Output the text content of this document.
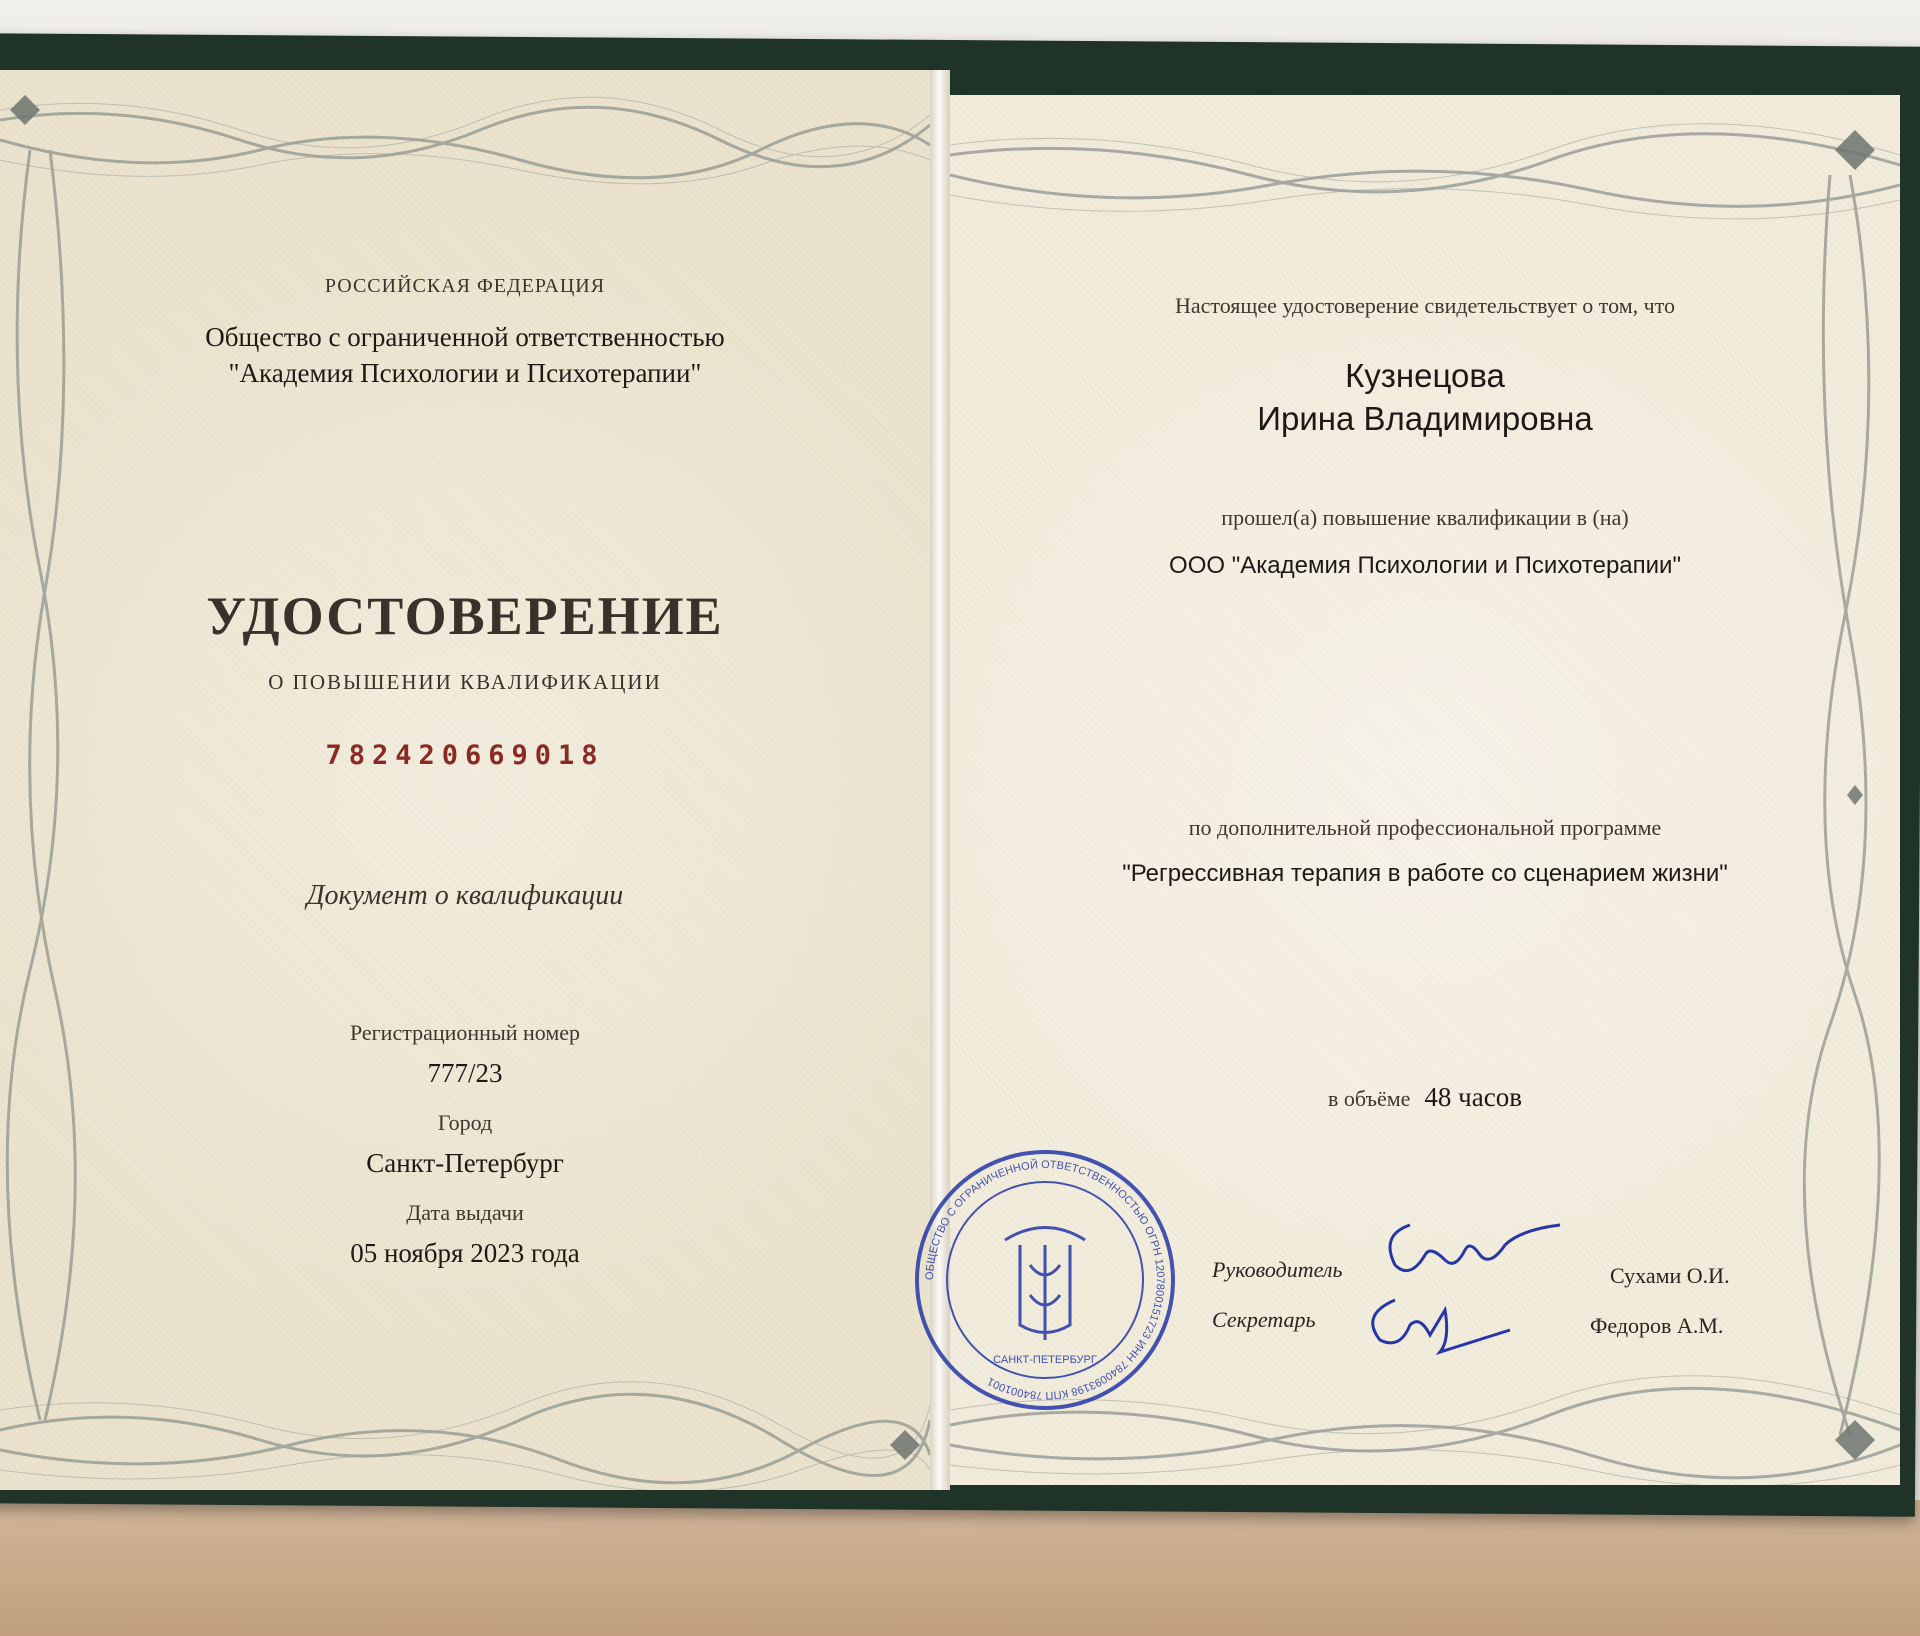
РОССИЙСКАЯ ФЕДЕРАЦИЯ
Общество с ограниченной ответственностью
"Академия Психологии и Психотерапии"
УДОСТОВЕРЕНИЕ
О ПОВЫШЕНИИ КВАЛИФИКАЦИИ
782420669018
Документ о квалификации
Регистрационный номер
777/23
Город
Санкт-Петербург
Дата выдачи
05 ноября 2023 года
Настоящее удостоверение свидетельствует о том, что
Кузнецова
Ирина Владимировна
прошел(а) повышение квалификации в (на)
ООО "Академия Психологии и Психотерапии"
по дополнительной профессиональной программе
"Регрессивная терапия в работе со сценарием жизни"
в объёме 48 часов
Руководитель	Сухами О.И.
Секретарь	Федоров А.М.
ОБЩЕСТВО С ОГРАНИЧЕННОЙ ОТВЕТСТВЕННОСТЬЮ ОГРН 1207800151723 ИНН 7840093198 КПП 784001001
САНКТ-ПЕТЕРБУРГ
